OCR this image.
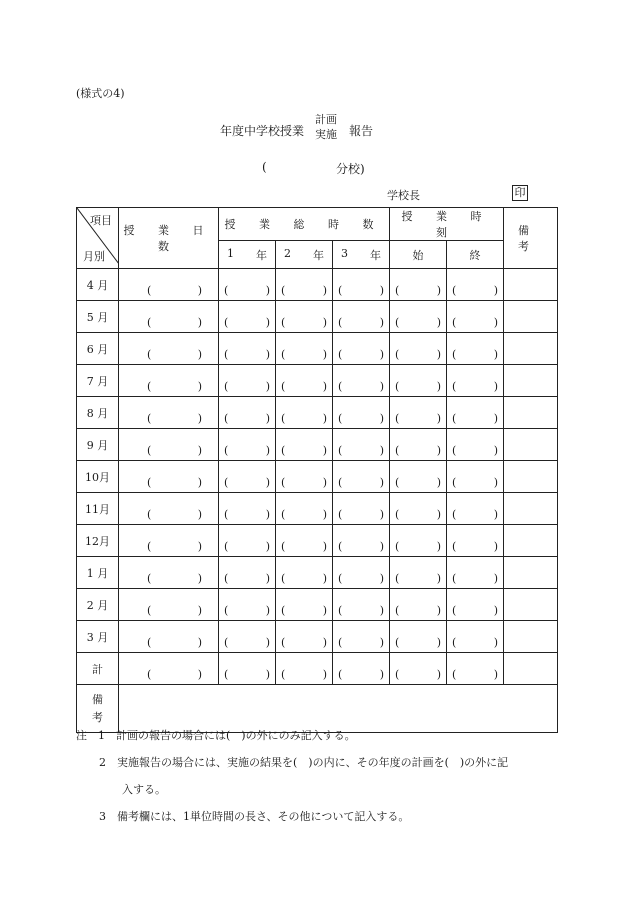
(様式の4)
年度中学校授業
計画
実施 報告
(	分校)
学校長	印
項目
月別	授 業 日 数	授 業 総 時 数			授 業 時 刻		備 考

		1 年	2 年	3 年	始	終	
4 月	( )	( )	( )	( )	( )	( )	

5 月	( )	( )	( )	( )	( )	( )	

6 月	( )	( )	( )	( )	( )	( )	

7 月	( )	( )	( )	( )	( )	( )	

8 月	( )	( )	( )	( )	( )	( )	

9 月	( )	( )	( )	( )	( )	( )	

10月	( )	( )	( )	( )	( )	( )	

11月	( )	( )	( )	( )	( )	( )	

12月	( )	( )	( )	( )	( )	( )	

1 月	( )	( )	( )	( )	( )	( )	

2 月	( )	( )	( )	( )	( )	( )	

3 月	( )	( )	( )	( )	( )	( )	

計	( )	( )	( )	( )	( )	( )	

備
考							

注　1　計画の報告の場合には(　)の外にのみ記入する。
2　実施報告の場合には、実施の結果を(　)の内に、その年度の計画を(　)の外に記
入する。
3　備考欄には、1単位時間の長さ、その他について記入する。
